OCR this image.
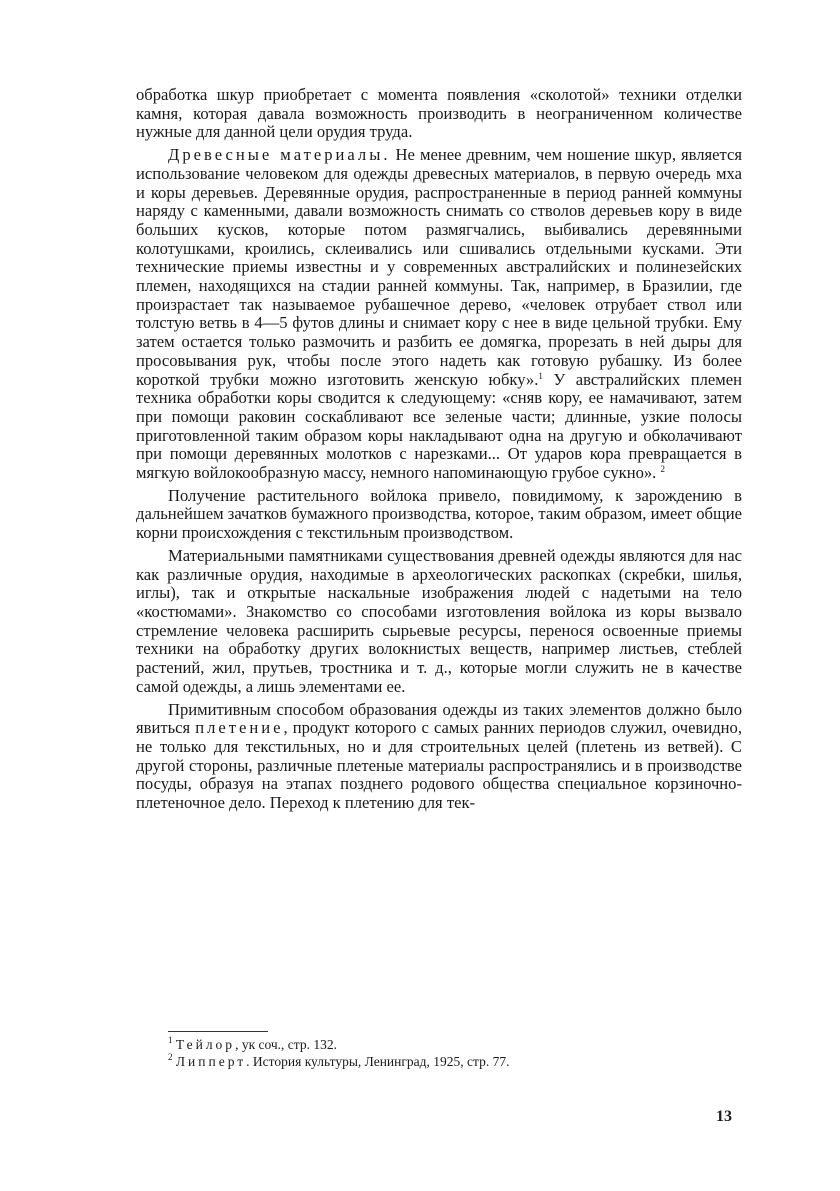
обработка шкур приобретает с момента появления «сколотой» техники отделки камня, которая давала возможность производить в неограниченном количестве нужные для данной цели орудия труда.

Древесные материалы. Не менее древним, чем ношение шкур, является использование человеком для одежды древесных материалов, в первую очередь мха и коры деревьев. Деревянные орудия, распространенные в период ранней коммуны наряду с каменными, давали возможность снимать со стволов деревьев кору в виде больших кусков, которые потом размягчались, выбивались деревянными колотушками, кроились, склеивались или сшивались отдельными кусками. Эти технические приемы известны и у современных австралийских и полинезейских племен, находящихся на стадии ранней коммуны. Так, например, в Бразилии, где произрастает так называемое рубашечное дерево, «человек отрубает ствол или толстую ветвь в 4—5 футов длины и снимает кору с нее в виде цельной трубки. Ему затем остается только размочить и разбить ее домягка, прорезать в ней дыры для просовывания рук, чтобы после этого надеть как готовую рубашку. Из более короткой трубки можно изготовить женскую юбку».$^1$ У австралийских племен техника обработки коры сводится к следующему: «сняв кору, ее намачивают, затем при помощи раковин соскабливают все зеленые части; длинные, узкие полосы приготовленной таким образом коры накладывают одна на другую и обколачивают при помощи деревянных молотков с нарезками... От ударов кора превращается в мягкую войлокообразную массу, немного напоминающую грубое сукно». $^2$

Получение растительного войлока привело, повидимому, к зарождению в дальнейшем зачатков бумажного производства, которое, таким образом, имеет общие корни происхождения с текстильным производством.

Материальными памятниками существования древней одежды являются для нас как различные орудия, находимые в археологических раскопках (скребки, шилья, иглы), так и открытые наскальные изображения людей с надетыми на тело «костюмами». Знакомство со способами изготовления войлока из коры вызвало стремление человека расширить сырьевые ресурсы, перенося освоенные приемы техники на обработку других волокнистых веществ, например листьев, стеблей растений, жил, прутьев, тростника и т. д., которые могли служить не в качестве самой одежды, а лишь элементами ее.

Примитивным способом образования одежды из таких элементов должно было явиться плетение, продукт которого с самых ранних периодов служил, очевидно, не только для текстильных, но и для строительных целей (плетень из ветвей). С другой стороны, различные плетеные материалы распространялись и в производстве посуды, образуя на этапах позднего родового общества специальное корзиночно-плетеночное дело. Переход к плетению для тек-

$^1$ Тейлор, ук соч., стр. 132.
$^2$ Липперт. История культуры, Ленинград, 1925, стр. 77.
13
